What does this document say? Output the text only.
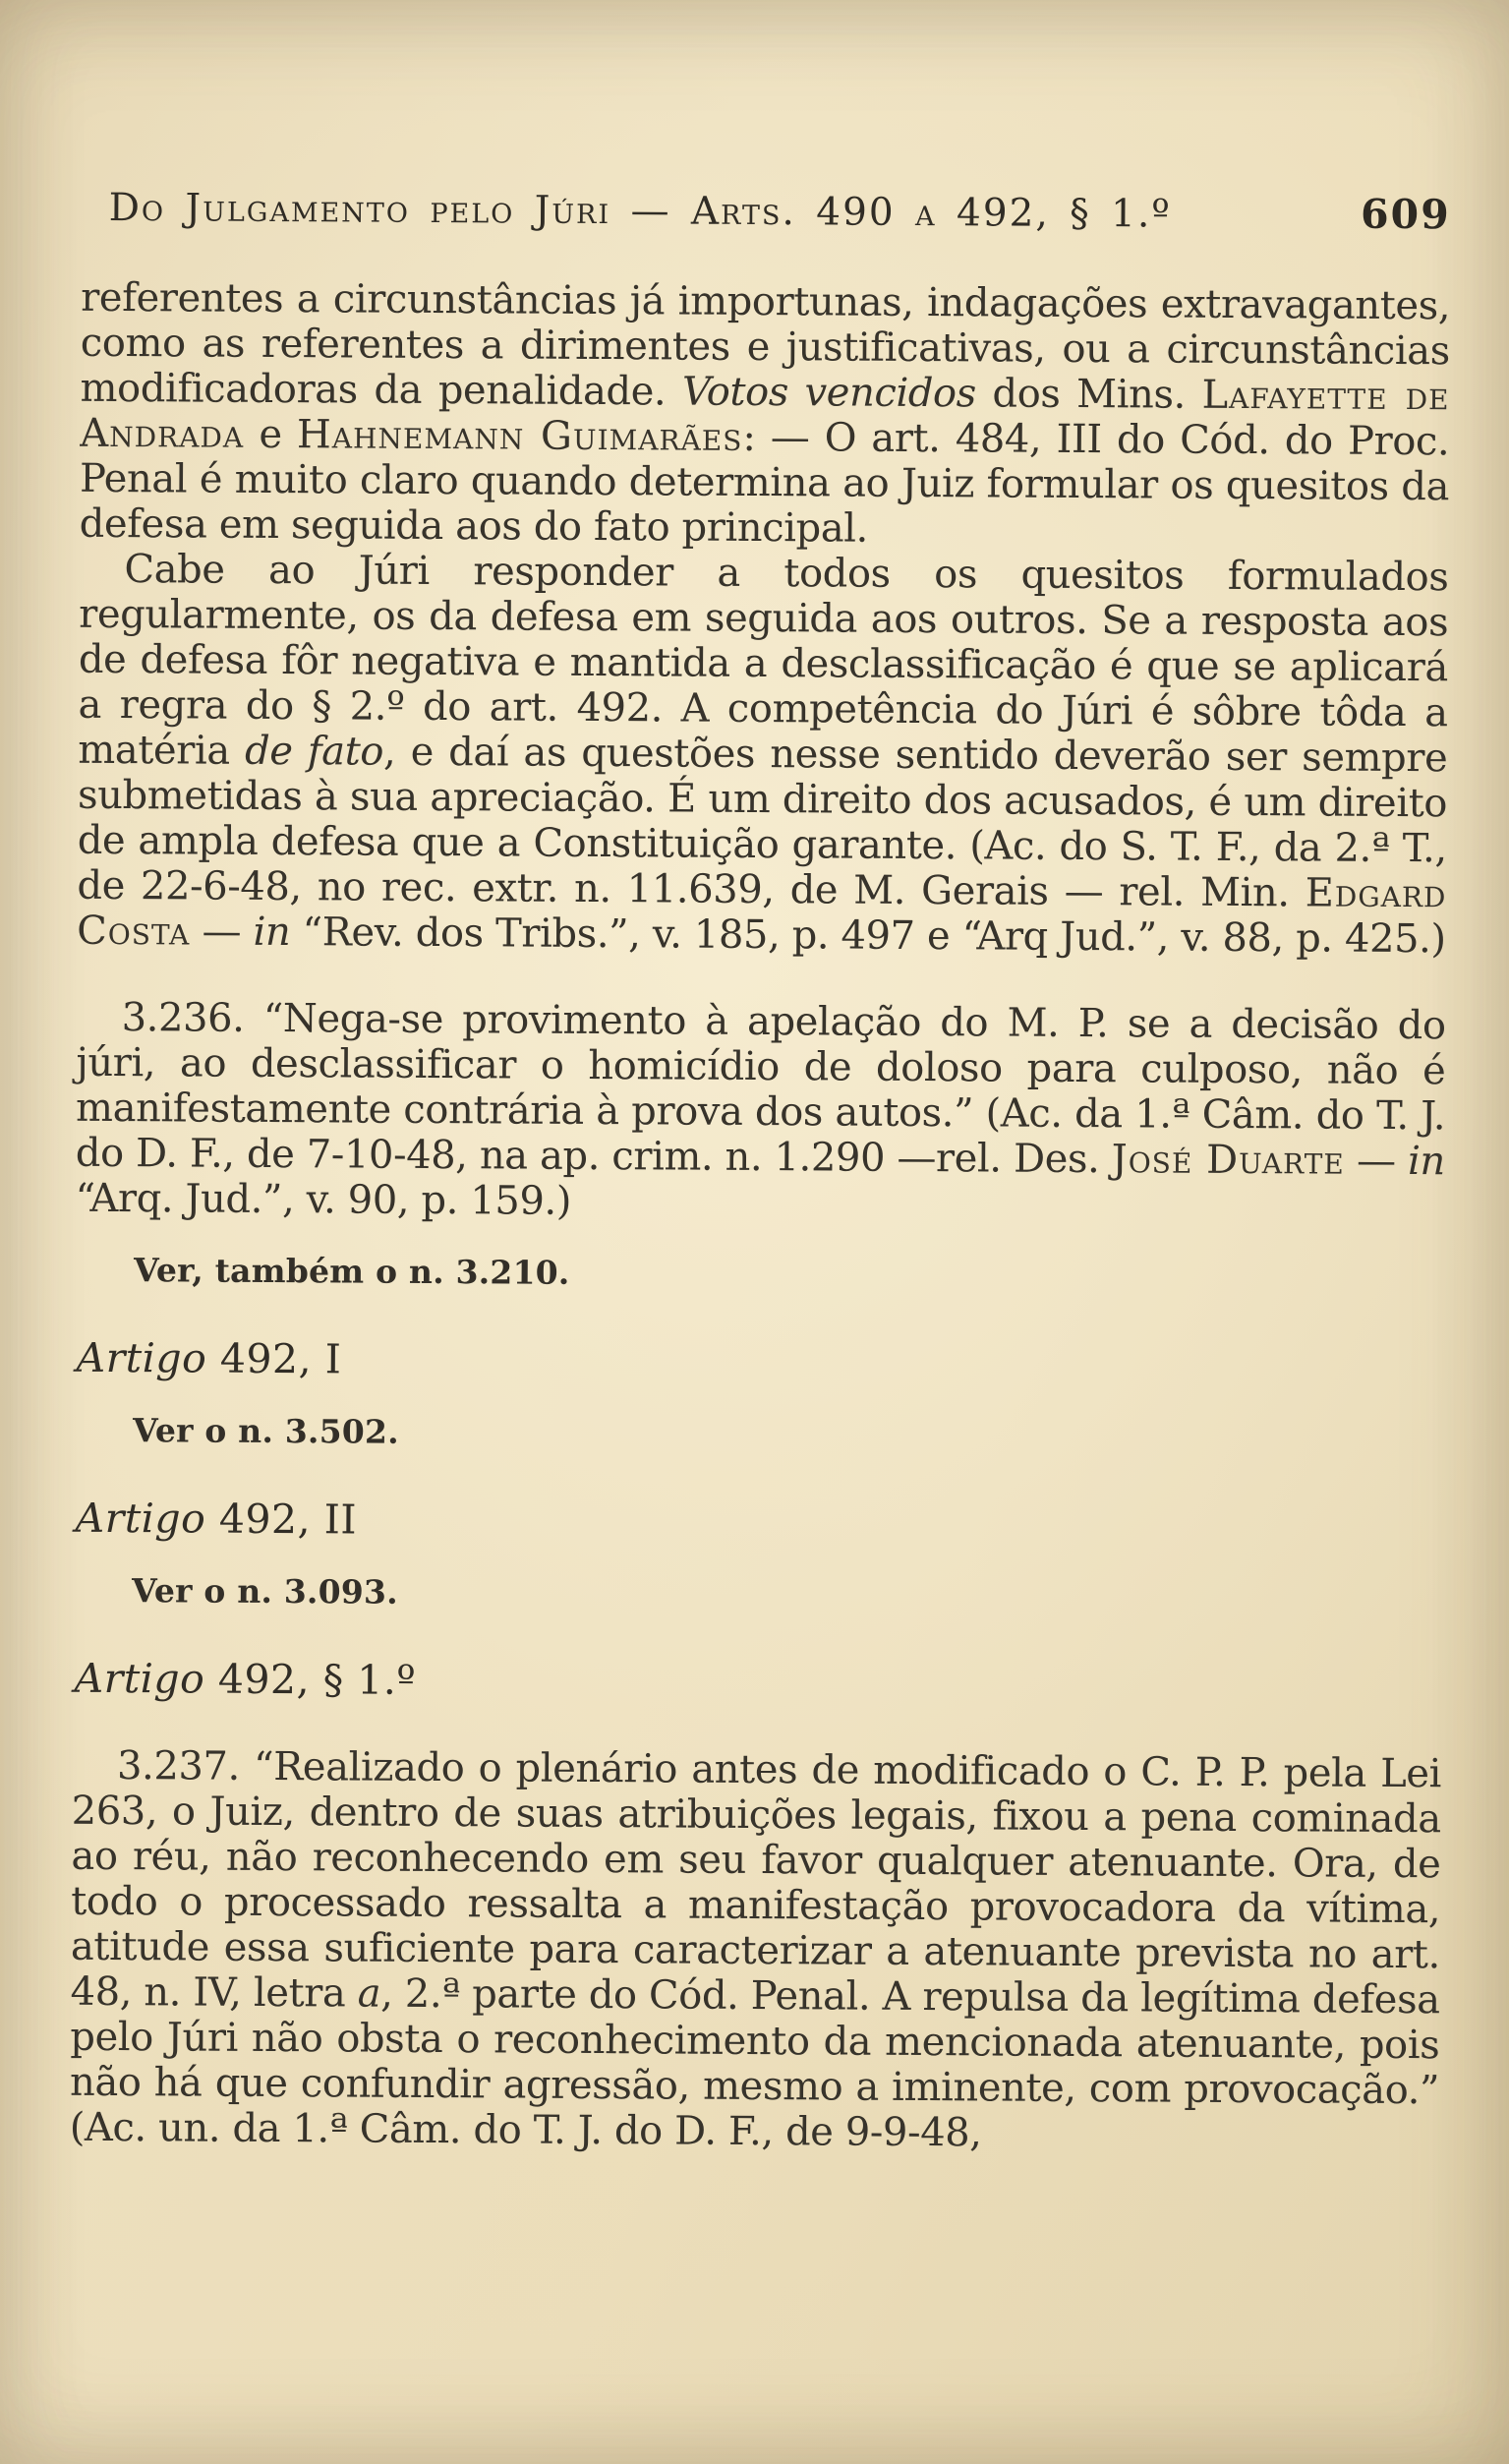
Do Julgamento pelo Júri — Arts. 490 a 492, § 1.º	609

referentes a circunstâncias já importunas, indagações extravagantes, como as referentes a dirimentes e justificativas, ou a circunstâncias modificadoras da penalidade. Votos vencidos dos Mins. Lafayette de Andrada e Hahnemann Guimarães: — O art. 484, III do Cód. do Proc. Penal é muito claro quando determina ao Juiz formular os quesitos da defesa em seguida aos do fato principal.

Cabe ao Júri responder a todos os quesitos formulados regularmente, os da defesa em seguida aos outros. Se a resposta aos de defesa fôr negativa e mantida a desclassificação é que se aplicará a regra do § 2.º do art. 492. A competência do Júri é sôbre tôda a matéria de fato, e daí as questões nesse sentido deverão ser sempre submetidas à sua apreciação. É um direito dos acusados, é um direito de ampla defesa que a Constituição garante. (Ac. do S. T. F., da 2.ª T., de 22-6-48, no rec. extr. n. 11.639, de M. Gerais — rel. Min. Edgard Costa — in “Rev. dos Tribs.”, v. 185, p. 497 e “Arq Jud.”, v. 88, p. 425.)

3.236. “Nega-se provimento à apelação do M. P. se a decisão do júri, ao desclassificar o homicídio de doloso para culposo, não é manifestamente contrária à prova dos autos.” (Ac. da 1.ª Câm. do T. J. do D. F., de 7-10-48, na ap. crim. n. 1.290 —rel. Des. José Duarte — in “Arq. Jud.”, v. 90, p. 159.)

Ver, também o n. 3.210.

Artigo 492, I

Ver o n. 3.502.

Artigo 492, II

Ver o n. 3.093.

Artigo 492, § 1.º

3.237. “Realizado o plenário antes de modificado o C. P. P. pela Lei 263, o Juiz, dentro de suas atribuições legais, fixou a pena cominada ao réu, não reconhecendo em seu favor qualquer atenuante. Ora, de todo o processado ressalta a manifestação provocadora da vítima, atitude essa suficiente para caracterizar a atenuante prevista no art. 48, n. IV, letra a, 2.ª parte do Cód. Penal. A repulsa da legítima defesa pelo Júri não obsta o reconhecimento da mencionada atenuante, pois não há que confundir agressão, mesmo a iminente, com provocação.” (Ac. un. da 1.ª Câm. do T. J. do D. F., de 9-9-48,
